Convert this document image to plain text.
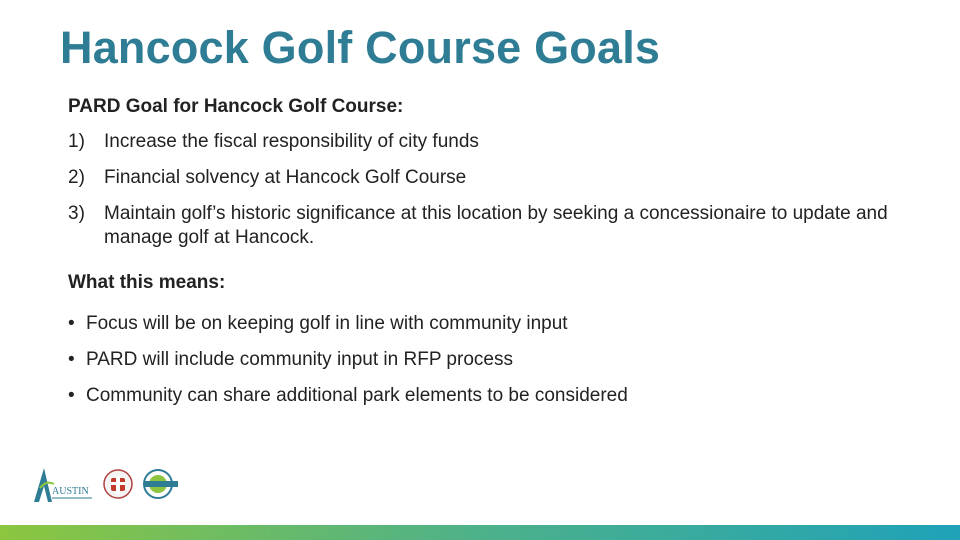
Hancock Golf Course Goals
PARD Goal for Hancock Golf Course:
1)	Increase the fiscal responsibility of city funds
2)	Financial solvency at Hancock Golf Course
3)	Maintain golf’s historic significance at this location by seeking a concessionaire to update and manage golf at Hancock.
What this means:
• Focus will be on keeping golf in line with community input
• PARD will include community input in RFP process
• Community can share additional park elements to be considered
AUSTIN
